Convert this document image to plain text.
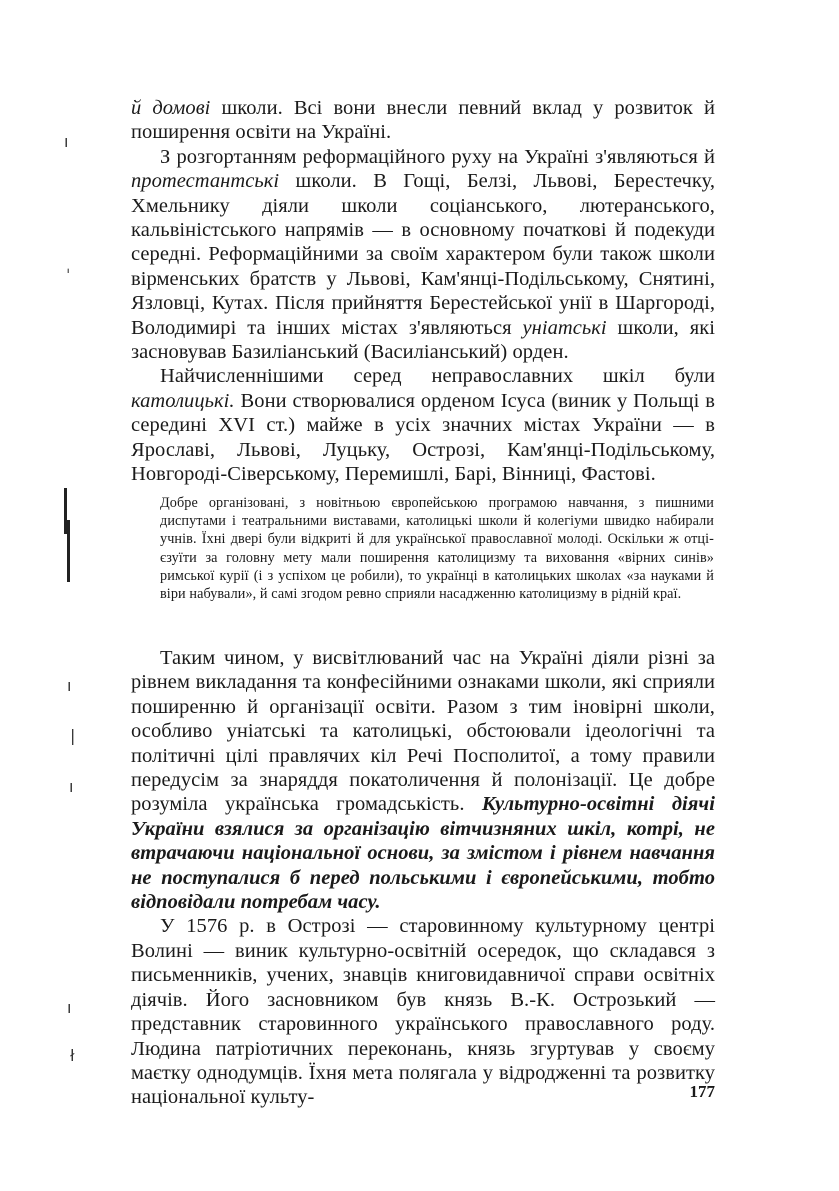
й домові школи. Всі вони внесли певний вклад у розвиток й поширення освіти на Україні.

З розгортанням реформаційного руху на Україні з'являються й протестантські школи. В Гощі, Белзі, Львові, Берестечку, Хмельнику діяли школи соціанського, лютеранського, кальвіністського напрямів — в основному початкові й подекуди середні. Реформаційними за своїм характером були також школи вірменських братств у Львові, Кам'янці-Подільському, Снятині, Язловці, Кутах. Після прийняття Берестейської унії в Шаргороді, Володимирі та інших містах з'являються уніатські школи, які засновував Базиліанський (Василіанський) орден.

Найчисленнішими серед неправославних шкіл були католицькі. Вони створювалися орденом Ісуса (виник у Польщі в середині XVI ст.) майже в усіх значних містах України — в Ярославі, Львові, Луцьку, Острозі, Кам'янці-Подільському, Новгороді-Сіверському, Перемишлі, Барі, Вінниці, Фастові.

Добре організовані, з новітньою європейською програмою навчання, з пишними диспутами і театральними виставами, католицькі школи й колегіуми швидко набирали учнів. Їхні двері були відкриті й для української православної молоді. Оскільки ж отці-єзуїти за головну мету мали поширення католицизму та виховання «вірних синів» римської курії (і з успіхом це робили), то українці в католицьких школах «за науками й віри набували», й самі згодом ревно сприяли насадженню католицизму в рідній краї.

Таким чином, у висвітлюваний час на Україні діяли різні за рівнем викладання та конфесійними ознаками школи, які сприяли поширенню й організації освіти. Разом з тим іновірні школи, особливо уніатські та католицькі, обстоювали ідеологічні та політичні цілі правлячих кіл Речі Посполитої, а тому правили передусім за знаряддя покатоличення й полонізації. Це добре розуміла українська громадськість. Культурно-освітні діячі України взялися за організацію вітчизняних шкіл, котрі, не втрачаючи національної основи, за змістом і рівнем навчання не поступалися б перед польськими і європейськими, тобто відповідали потребам часу.

У 1576 р. в Острозі — старовинному культурному центрі Волині — виник культурно-освітній осередок, що складався з письменників, учених, знавців книговидавничої справи освітніх діячів. Його засновником був князь В.-К. Острозький — представник старовинного українського православного роду. Людина патріотичних переконань, князь згуртував у своєму маєтку однодумців. Їхня мета полягала у відродженні та розвитку національної культу-	177
ı
ˈ
ı
|
ı
ı
ł
